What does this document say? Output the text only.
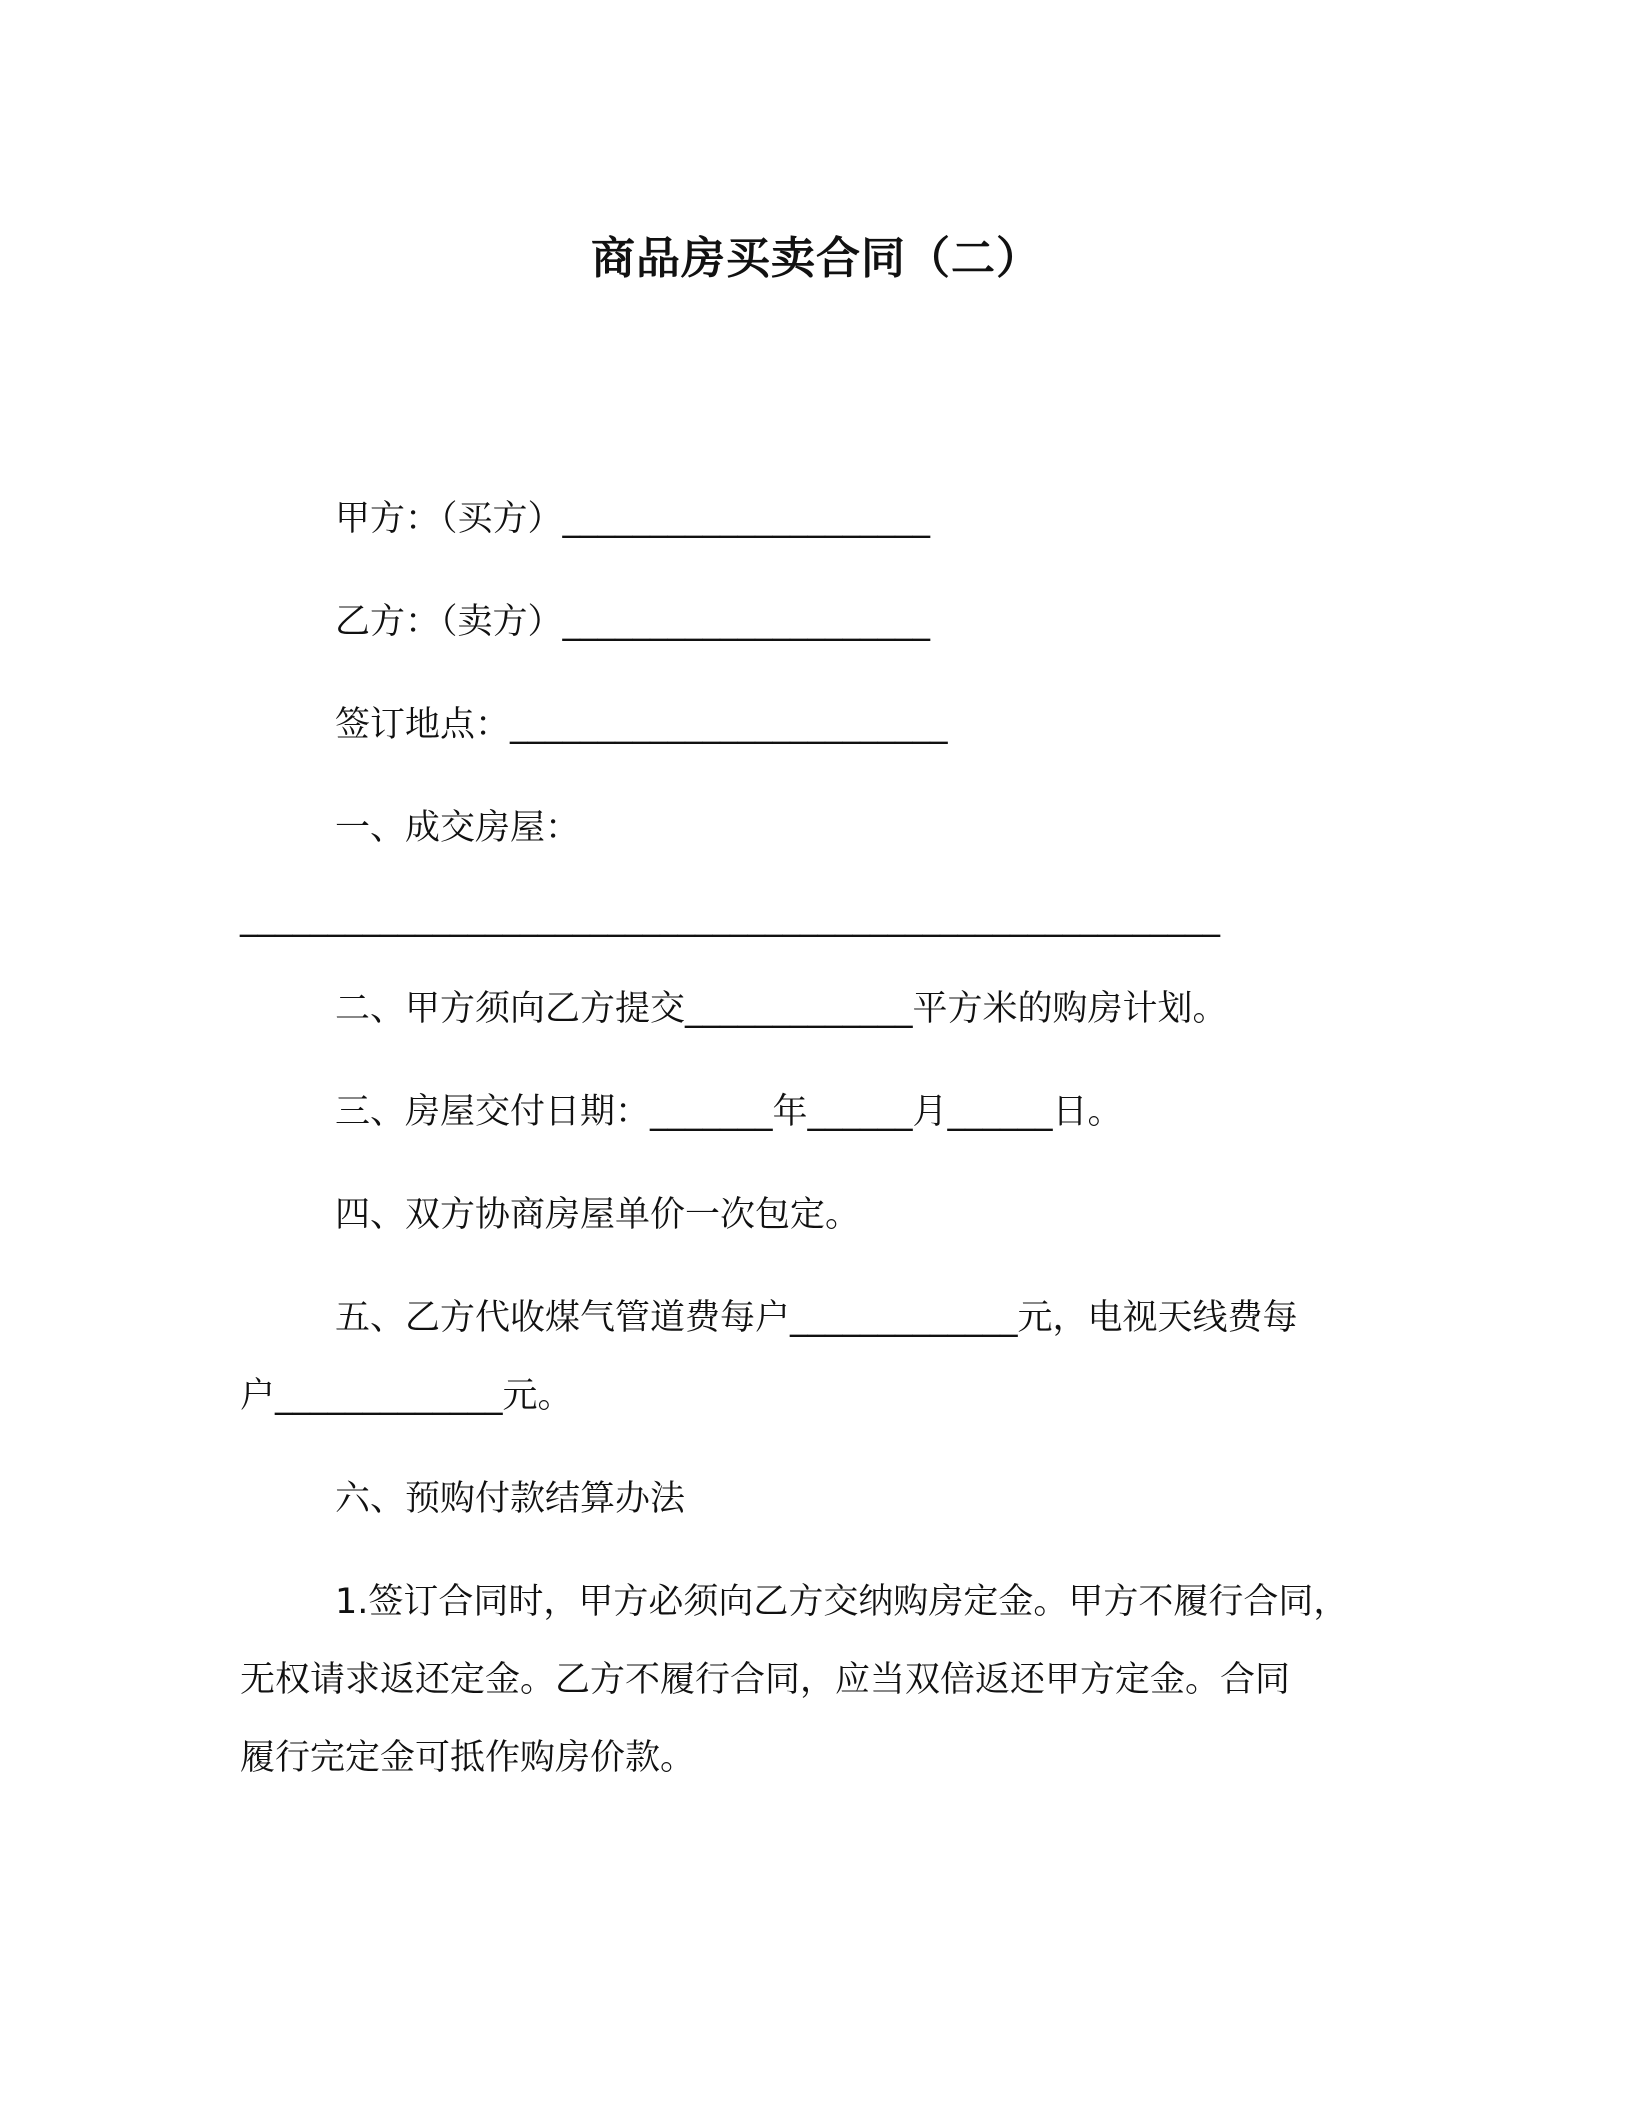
商品房买卖合同（二）
甲方：（买方）_____________________
乙方：（卖方）_____________________
签订地点：_________________________
一、成交房屋：
________________________________________________________
二、甲方须向乙方提交_____________平方米的购房计划。
三、房屋交付日期：_______年______月______日。
四、双方协商房屋单价一次包定。
五、乙方代收煤气管道费每户_____________元，电视天线费每
户_____________元。
六、预购付款结算办法
1.签订合同时，甲方必须向乙方交纳购房定金。甲方不履行合同，
无权请求返还定金。乙方不履行合同，应当双倍返还甲方定金。合同
履行完定金可抵作购房价款。
